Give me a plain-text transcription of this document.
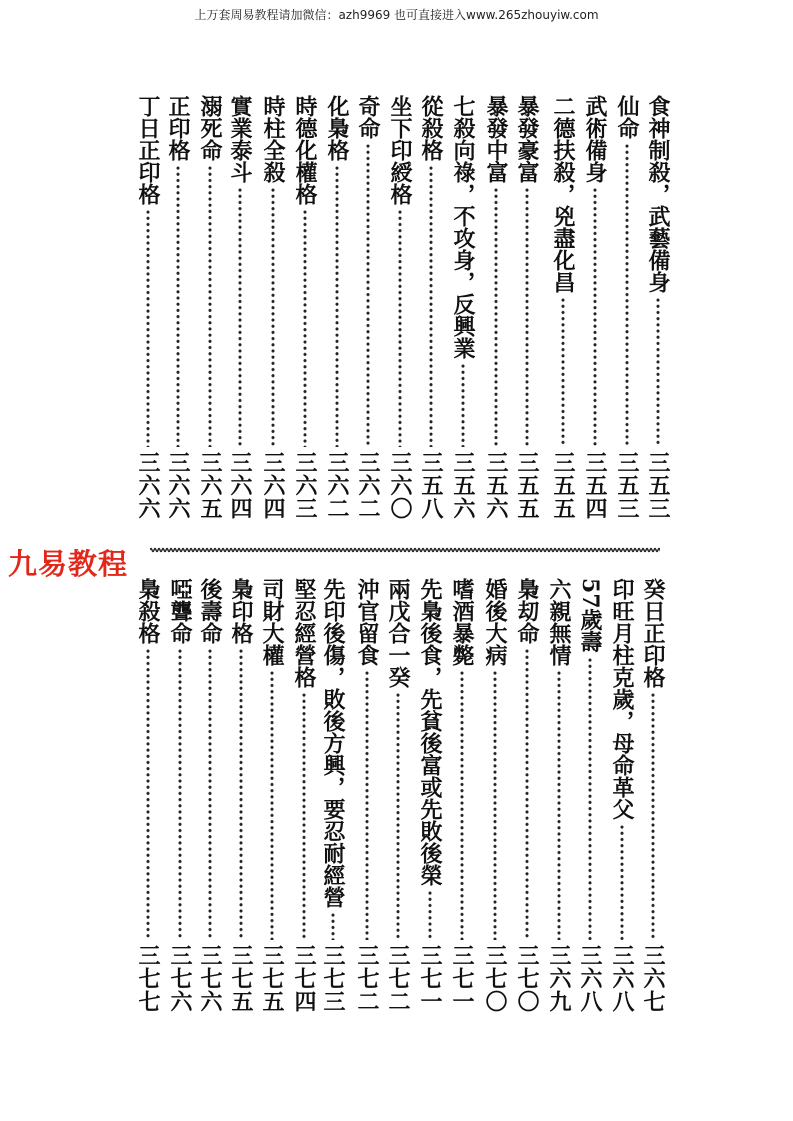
上万套周易教程请加微信：azh9969 也可直接进入www.265zhouyiw.com
食神制殺，武藝備身
三五三
仙命
三五三
武術備身
三五四
二德扶殺，兇盡化昌
三五五
暴發豪富
三五五
暴發中富
三五六
七殺向祿，不攻身，反興業
三五六
從殺格
三五八
坐下印綬格
三六〇
奇命
三六二
化梟格
三六二
時德化權格
三六三
時柱全殺
三六四
實業泰斗
三六四
溺死命
三六五
正印格
三六六
丁日正印格
三六六
九易教程
癸日正印格
三六七
印旺月柱克歲，母命革父
三六八
57歲壽
三六八
六親無情
三六九
梟刧命
三七〇
婚後大病
三七〇
嗜酒暴斃
三七一
先梟後食，先貧後富或先敗後榮
三七一
兩戊合一癸
三七二
沖官留食
三七二
先印後傷，敗後方興，要忍耐經營
三七三
堅忍經營格
三七四
司財大權
三七五
梟印格
三七五
後壽命
三七六
啞聾命
三七六
梟殺格
三七七
